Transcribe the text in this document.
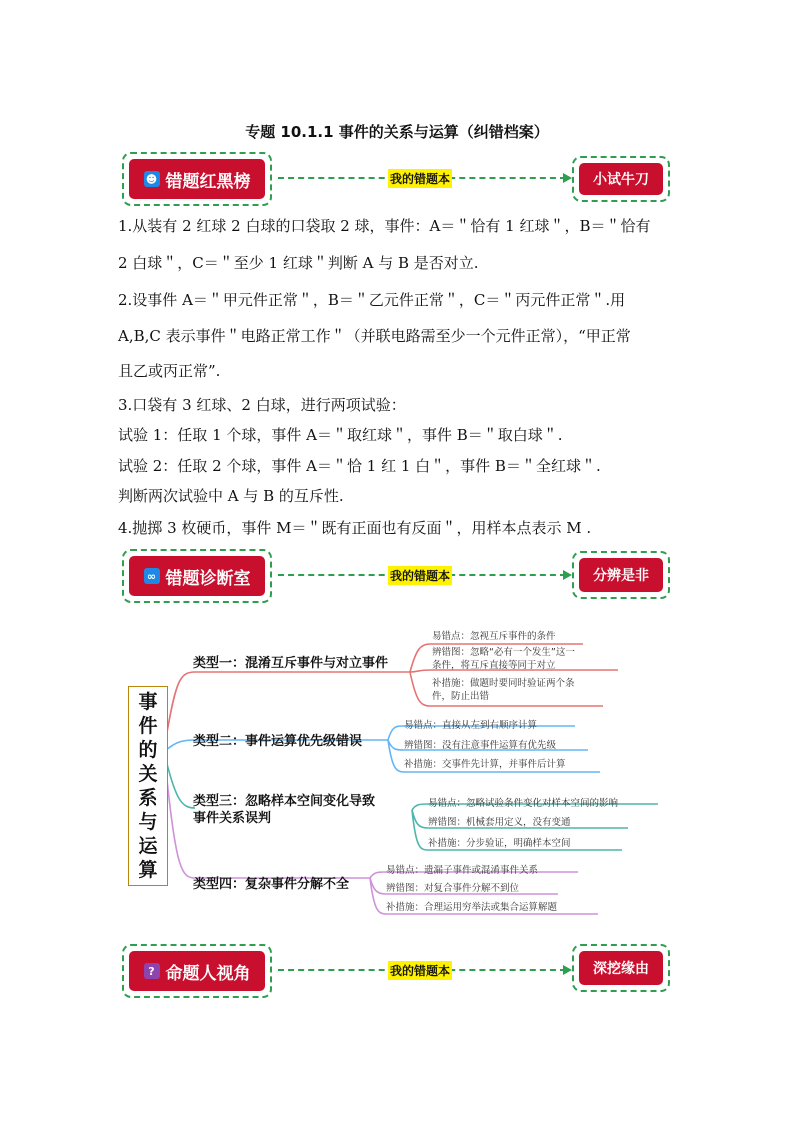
专题 10.1.1 事件的关系与运算（纠错档案）
☻ 错题红黑榜	我的错题本	小试牛刀
1.从装有 2 红球 2 白球的口袋取 2 球，事件：A＝＂恰有 1 红球＂，B＝＂恰有
2 白球＂，C＝＂至少 1 红球＂判断 A 与 B 是否对立.
2.设事件 A＝＂甲元件正常＂，B＝＂乙元件正常＂，C＝＂丙元件正常＂.用
A,B,C 表示事件＂电路正常工作＂（并联电路需至少一个元件正常），“甲正常
且乙或丙正常”.
3.口袋有 3 红球、2 白球，进行两项试验：
试验 1：任取 1 个球，事件 A＝＂取红球＂，事件 B＝＂取白球＂.
试验 2：任取 2 个球，事件 A＝＂恰 1 红 1 白＂，事件 B＝＂全红球＂.
判断两次试验中 A 与 B 的互斥性.
4.抛掷 3 枚硬币，事件 M＝＂既有正面也有反面＂，用样本点表示 M .
∞ 错题诊断室	我的错题本	分辨是非
事
件
的
关
系
与
运
算
类型一：混淆互斥事件与对立事件
易错点：忽视互斥事件的条件
辨错图：忽略“必有一个发生”这一
条件，将互斥直接等同于对立
补措施：做题时要同时验证两个条
件，防止出错
类型二：事件运算优先级错误
易错点：直接从左到右顺序计算
辨错图：没有注意事件运算有优先级
补措施：交事件先计算，并事件后计算
类型三：忽略样本空间变化导致
事件关系误判
易错点：忽略试验条件变化对样本空间的影响
辨错图：机械套用定义，没有变通
补措施：分步验证，明确样本空间
类型四：复杂事件分解不全
易错点：遗漏子事件或混淆事件关系
辨错图：对复合事件分解不到位
补措施：合理运用穷举法或集合运算解题
? 命题人视角	我的错题本	深挖缘由
